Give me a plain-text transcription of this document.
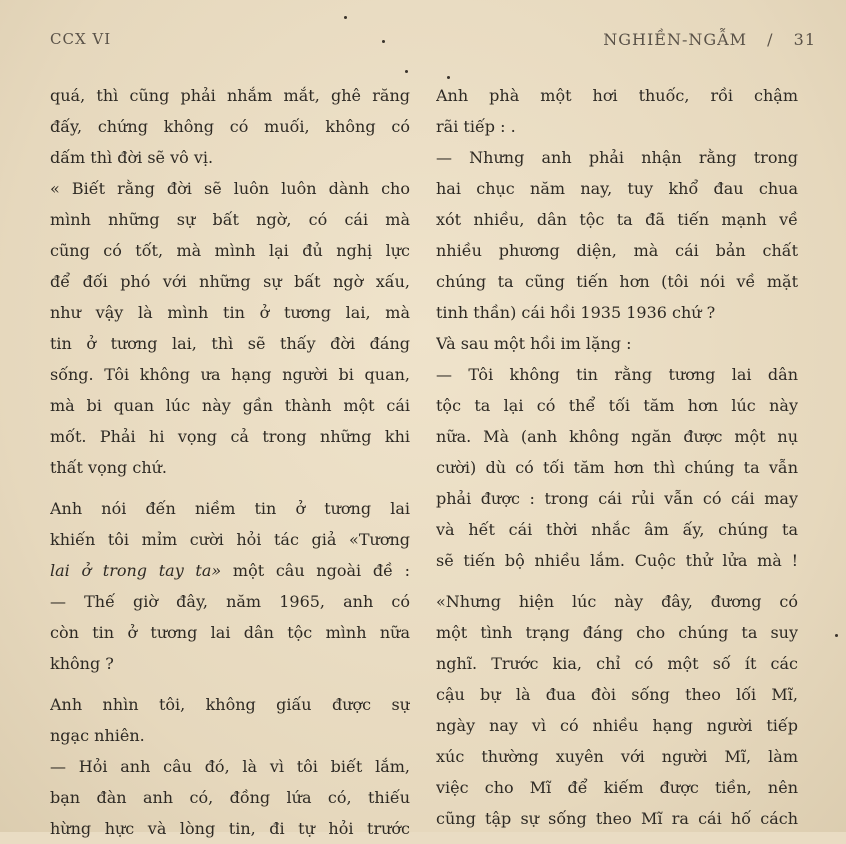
CCX VI	NGHIỀN-NGẪM / 31
quá, thì cũng phải nhắm mắt, ghê răng
đấy, chứng không có muối, không có
dấm thì đời sẽ vô vị.
« Biết rằng đời sẽ luôn luôn dành cho
mình những sự bất ngờ, có cái mà
cũng có tốt, mà mình lại đủ nghị lực
để đối phó với những sự bất ngờ xấu,
như vậy là mình tin ở tương lai, mà
tin ở tương lai, thì sẽ thấy đời đáng
sống. Tôi không ưa hạng người bi quan,
mà bi quan lúc này gần thành một cái
mốt. Phải hi vọng cả trong những khi
thất vọng chứ.
Anh nói đến niềm tin ở tương lai
khiến tôi mỉm cười hỏi tác giả «Tương
lai ở trong tay ta» một câu ngoài đề :
— Thế giờ đây, năm 1965, anh có
còn tin ở tương lai dân tộc mình nữa
không ?
Anh nhìn tôi, không giấu được sự
ngạc nhiên.
— Hỏi anh câu đó, là vì tôi biết lắm,
bạn đàn anh có, đồng lứa có, thiếu
hừng hực và lòng tin, đi tự hỏi trước
Anh phà một hơi thuốc, rồi chậm
rãi tiếp : .
— Nhưng anh phải nhận rằng trong
hai chục năm nay, tuy khổ đau chua
xót nhiều, dân tộc ta đã tiến mạnh về
nhiều phương diện, mà cái bản chất
chúng ta cũng tiến hơn (tôi nói về mặt
tinh thần) cái hồi 1935 1936 chứ ?
Và sau một hồi im lặng :
— Tôi không tin rằng tương lai dân
tộc ta lại có thể tối tăm hơn lúc này
nữa. Mà (anh không ngăn được một nụ
cười) dù có tối tăm hơn thì chúng ta vẫn
phải được : trong cái rủi vẫn có cái may
và hết cái thời nhắc âm ấy, chúng ta
sẽ tiến bộ nhiều lắm. Cuộc thử lửa mà !
«Nhưng hiện lúc này đây, đương có
một tình trạng đáng cho chúng ta suy
nghĩ. Trước kia, chỉ có một số ít các
cậu bự là đua đòi sống theo lối Mĩ,
ngày nay vì có nhiều hạng người tiếp
xúc thường xuyên với người Mĩ, làm
việc cho Mĩ để kiếm được tiền, nên
cũng tập sự sống theo Mĩ ra cái hố cách
